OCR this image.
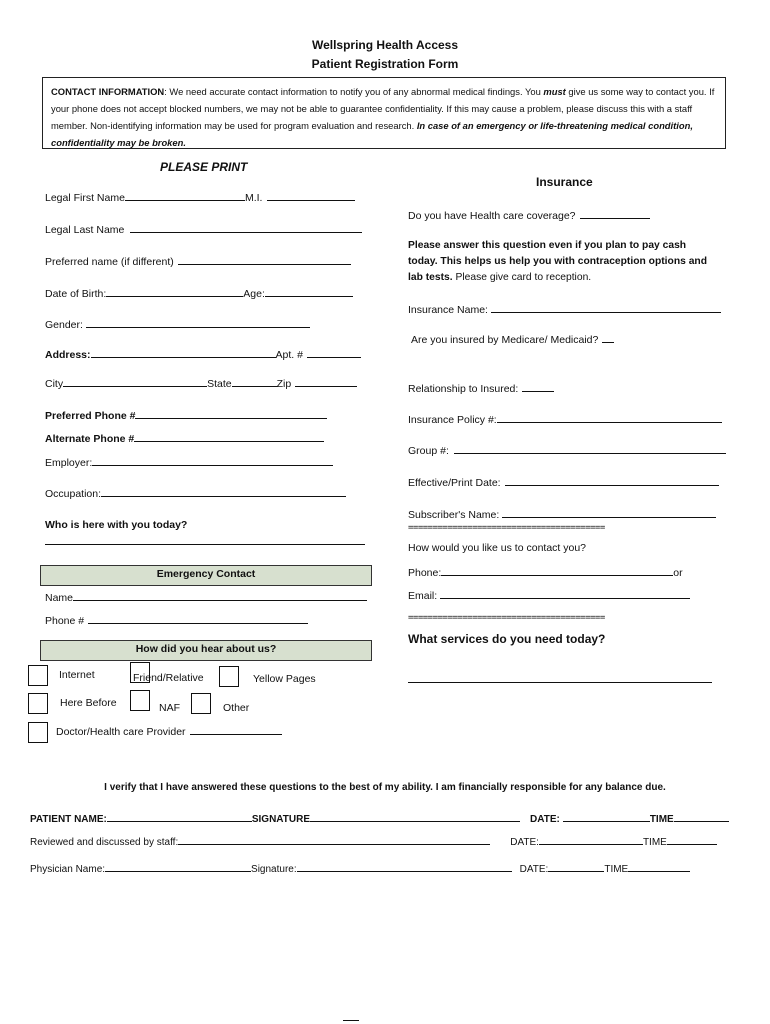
Wellspring Health Access
Patient Registration Form
CONTACT INFORMATION: We need accurate contact information to notify you of any abnormal medical findings. You must give us some way to contact you. If your phone does not accept blocked numbers, we may not be able to guarantee confidentiality. If this may cause a problem, please discuss this with a staff member. Non-identifying information may be used for program evaluation and research. In case of an emergency or life-threatening medical condition, confidentiality may be broken.
PLEASE PRINT
Legal First Name	M.I.
Legal Last Name
Preferred name (if different)
Date of Birth:	Age:
Gender:
Address:	Apt. #
City	State	Zip
Preferred Phone #
Alternate Phone #
Employer:
Occupation:
Who is here with you today?
Emergency Contact
Name
Phone #
How did you hear about us?
Internet	Friend/Relative	Yellow Pages
Here Before	NAF	Other
Doctor/Health care Provider
Insurance
Do you have Health care coverage?
Please answer this question even if you plan to pay cash today. This helps us help you with contraception options and lab tests. Please give card to reception.
Insurance Name:
Are you insured by Medicare/ Medicaid?
Relationship to Insured:
Insurance Policy #:
Group #:
Effective/Print Date:
Subscriber's Name:
========================================
How would you like us to contact you?
Phone:	or
Email:
========================================
What services do you need today?
I verify that I have answered these questions to the best of my ability. I am financially responsible for any balance due.
PATIENT NAME:	SIGNATURE	DATE:	TIME
Reviewed and discussed by staff:	DATE:	TIME
Physician Name:	Signature:	DATE:	TIME
